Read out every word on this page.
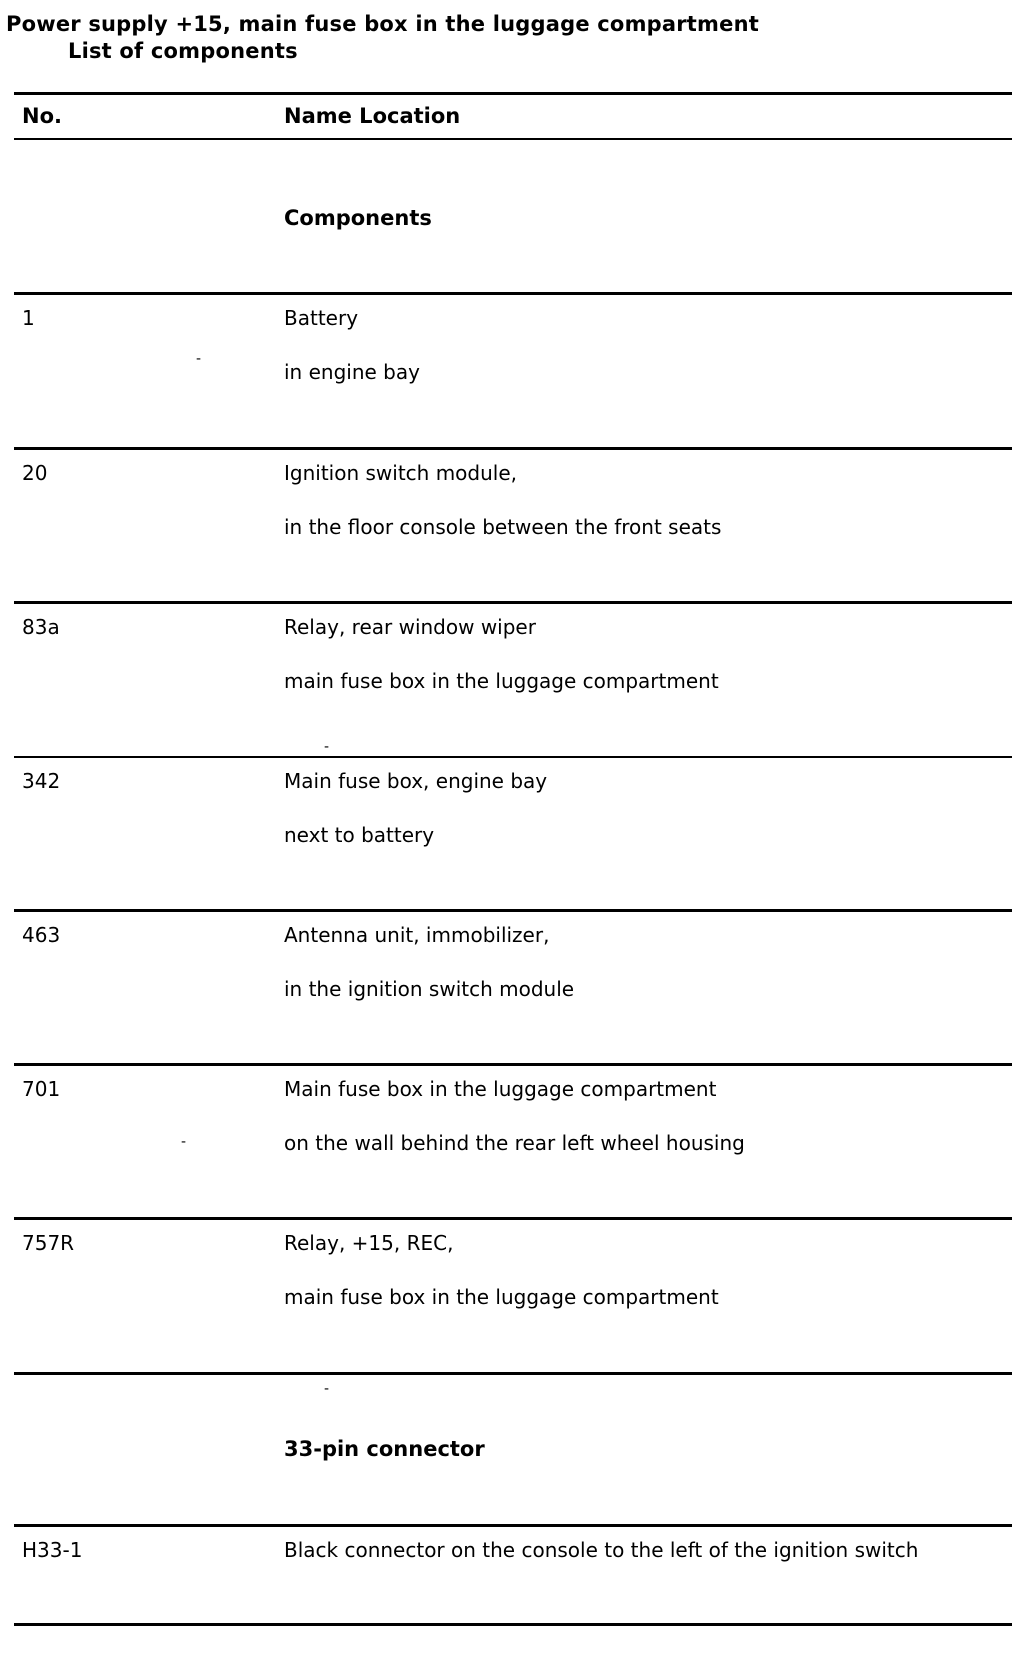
Power supply +15, main fuse box in the luggage compartment
List of components
No.	Name Location
Components
1	Battery
in engine bay
-
20	Ignition switch module,
in the floor console between the front seats
83a	Relay, rear window wiper
main fuse box in the luggage compartment
-
342	Main fuse box, engine bay
next to battery
463	Antenna unit, immobilizer,
in the ignition switch module
701	Main fuse box in the luggage compartment
on the wall behind the rear left wheel housing
-
757R	Relay, +15, REC,
main fuse box in the luggage compartment
-
33-pin connector
H33-1	Black connector on the console to the left of the ignition switch
